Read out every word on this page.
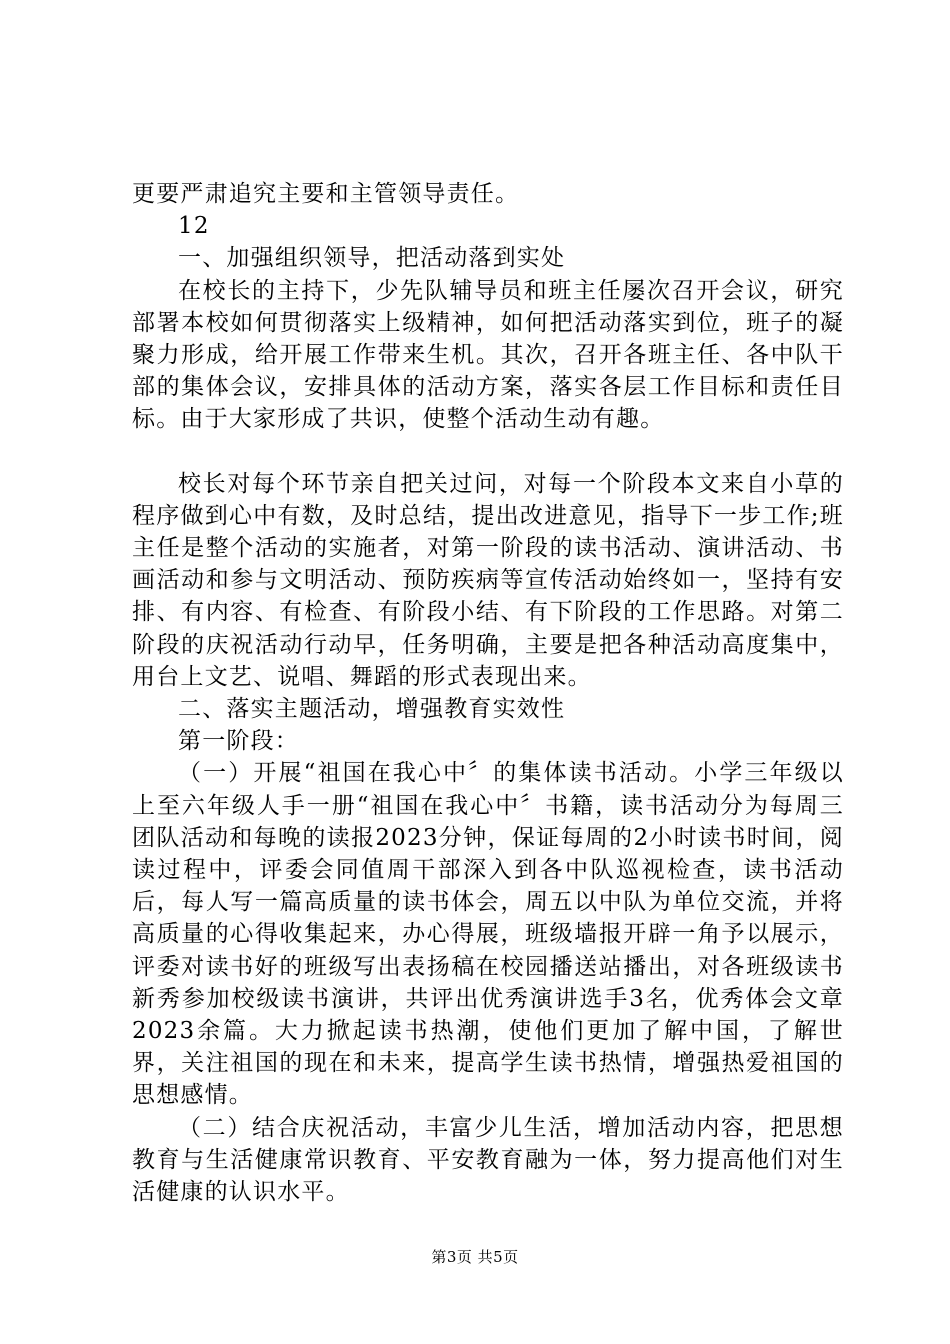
更要严肃追究主要和主管领导责任。

12

一、加强组织领导，把活动落到实处

在校长的主持下，少先队辅导员和班主任屡次召开会议，研究部署本校如何贯彻落实上级精神，如何把活动落实到位，班子的凝聚力形成，给开展工作带来生机。其次，召开各班主任、各中队干部的集体会议，安排具体的活动方案，落实各层工作目标和责任目标。由于大家形成了共识，使整个活动生动有趣。

校长对每个环节亲自把关过问，对每一个阶段本文来自小草的程序做到心中有数，及时总结，提出改进意见，指导下一步工作;班主任是整个活动的实施者，对第一阶段的读书活动、演讲活动、书画活动和参与文明活动、预防疾病等宣传活动始终如一，坚持有安排、有内容、有检查、有阶段小结、有下阶段的工作思路。对第二阶段的庆祝活动行动早，任务明确，主要是把各种活动高度集中，用台上文艺、说唱、舞蹈的形式表现出来。

二、落实主题活动，增强教育实效性

第一阶段：

（一）开展“祖国在我心中〞的集体读书活动。小学三年级以上至六年级人手一册“祖国在我心中〞书籍，读书活动分为每周三团队活动和每晚的读报2023分钟，保证每周的2小时读书时间，阅读过程中，评委会同值周干部深入到各中队巡视检查，读书活动后，每人写一篇高质量的读书体会，周五以中队为单位交流，并将高质量的心得收集起来，办心得展，班级墙报开辟一角予以展示，评委对读书好的班级写出表扬稿在校园播送站播出，对各班级读书新秀参加校级读书演讲，共评出优秀演讲选手3名，优秀体会文章2023余篇。大力掀起读书热潮，使他们更加了解中国，了解世界，关注祖国的现在和未来，提高学生读书热情，增强热爱祖国的思想感情。

（二）结合庆祝活动，丰富少儿生活，增加活动内容，把思想教育与生活健康常识教育、平安教育融为一体，努力提高他们对生活健康的认识水平。

第3页 共5页
